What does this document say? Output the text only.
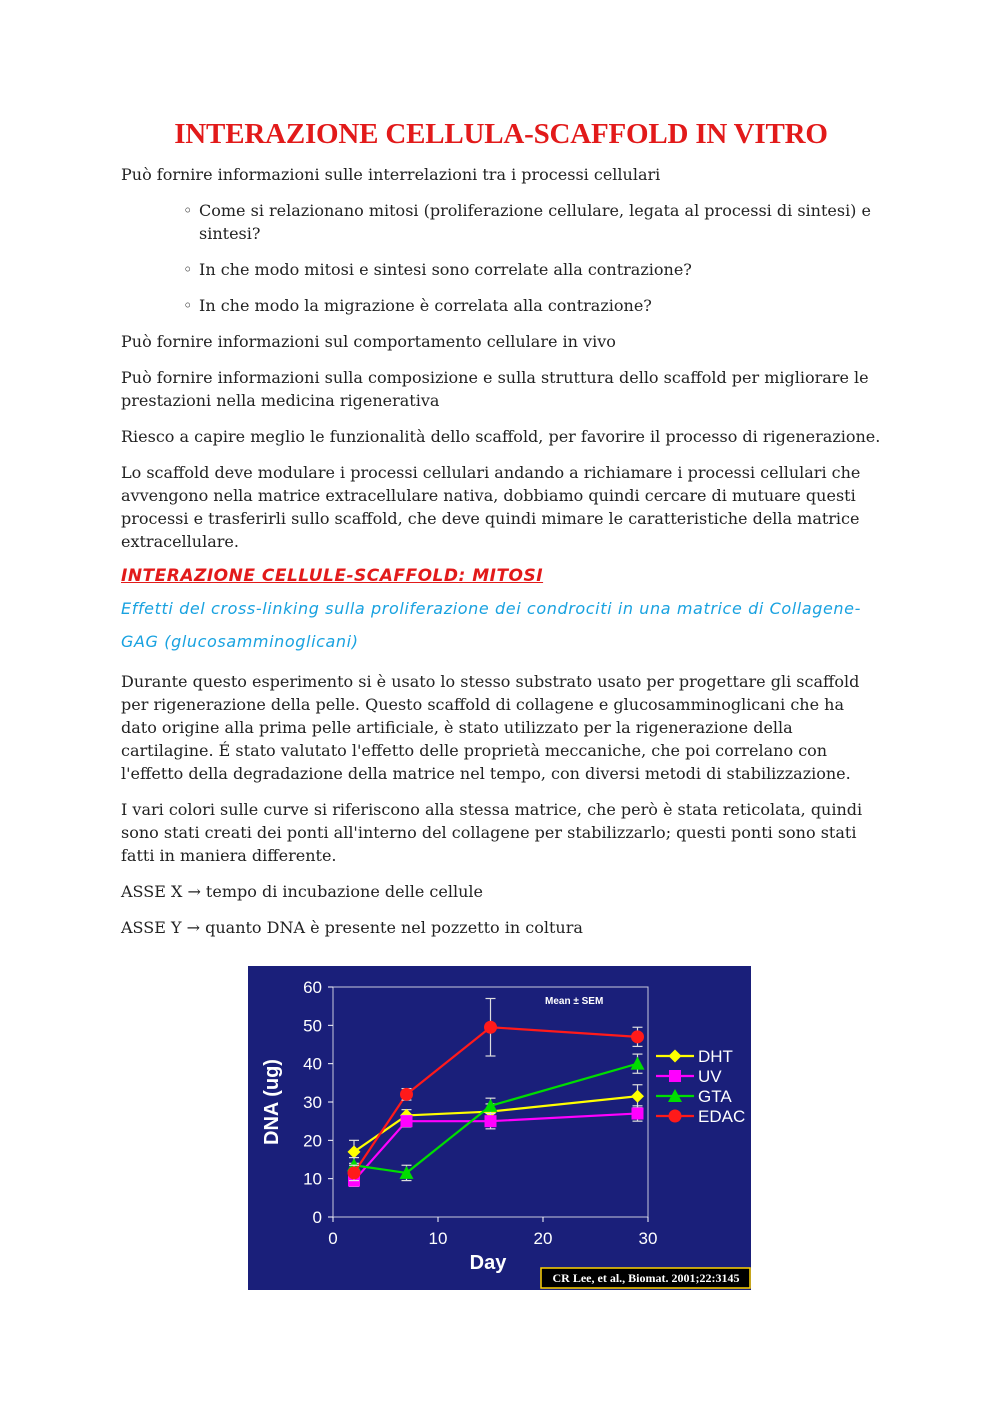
INTERAZIONE CELLULA-SCAFFOLD IN VITRO

Può fornire informazioni sulle interrelazioni tra i processi cellulari

◦ Come si relazionano mitosi (proliferazione cellulare, legata al processi di sintesi) e sintesi?
◦ In che modo mitosi e sintesi sono correlate alla contrazione?
◦ In che modo la migrazione è correlata alla contrazione?

Può fornire informazioni sul comportamento cellulare in vivo

Può fornire informazioni sulla composizione e sulla struttura dello scaffold per migliorare le prestazioni nella medicina rigenerativa

Riesco a capire meglio le funzionalità dello scaffold, per favorire il processo di rigenerazione.

Lo scaffold deve modulare i processi cellulari andando a richiamare i processi cellulari che avvengono nella matrice extracellulare nativa, dobbiamo quindi cercare di mutuare questi processi e trasferirli sullo scaffold, che deve quindi mimare le caratteristiche della matrice extracellulare.

INTERAZIONE CELLULE-SCAFFOLD: MITOSI
Effetti del cross-linking sulla proliferazione dei condrociti in una matrice di Collagene-GAG (glucosamminoglicani)

Durante questo esperimento si è usato lo stesso substrato usato per progettare gli scaffold per rigenerazione della pelle. Questo scaffold di collagene e glucosamminoglicani che ha dato origine alla prima pelle artificiale, è stato utilizzato per la rigenerazione della cartilagine. É stato valutato l'effetto delle proprietà meccaniche, che poi correlano con l'effetto della degradazione della matrice nel tempo, con diversi metodi di stabilizzazione.

I vari colori sulle curve si riferiscono alla stessa matrice, che però è stata reticolata, quindi sono stati creati dei ponti all'interno del collagene per stabilizzarlo; questi ponti sono stati fatti in maniera differente.

ASSE X → tempo di incubazione delle cellule

ASSE Y → quanto DNA è presente nel pozzetto in coltura

0
10
20
30
40
50
60
0	10	20	30
Mean ± SEM
Day
DNA (ug)
DHT
UV
GTA
EDAC
CR Lee, et al., Biomat. 2001;22:3145
